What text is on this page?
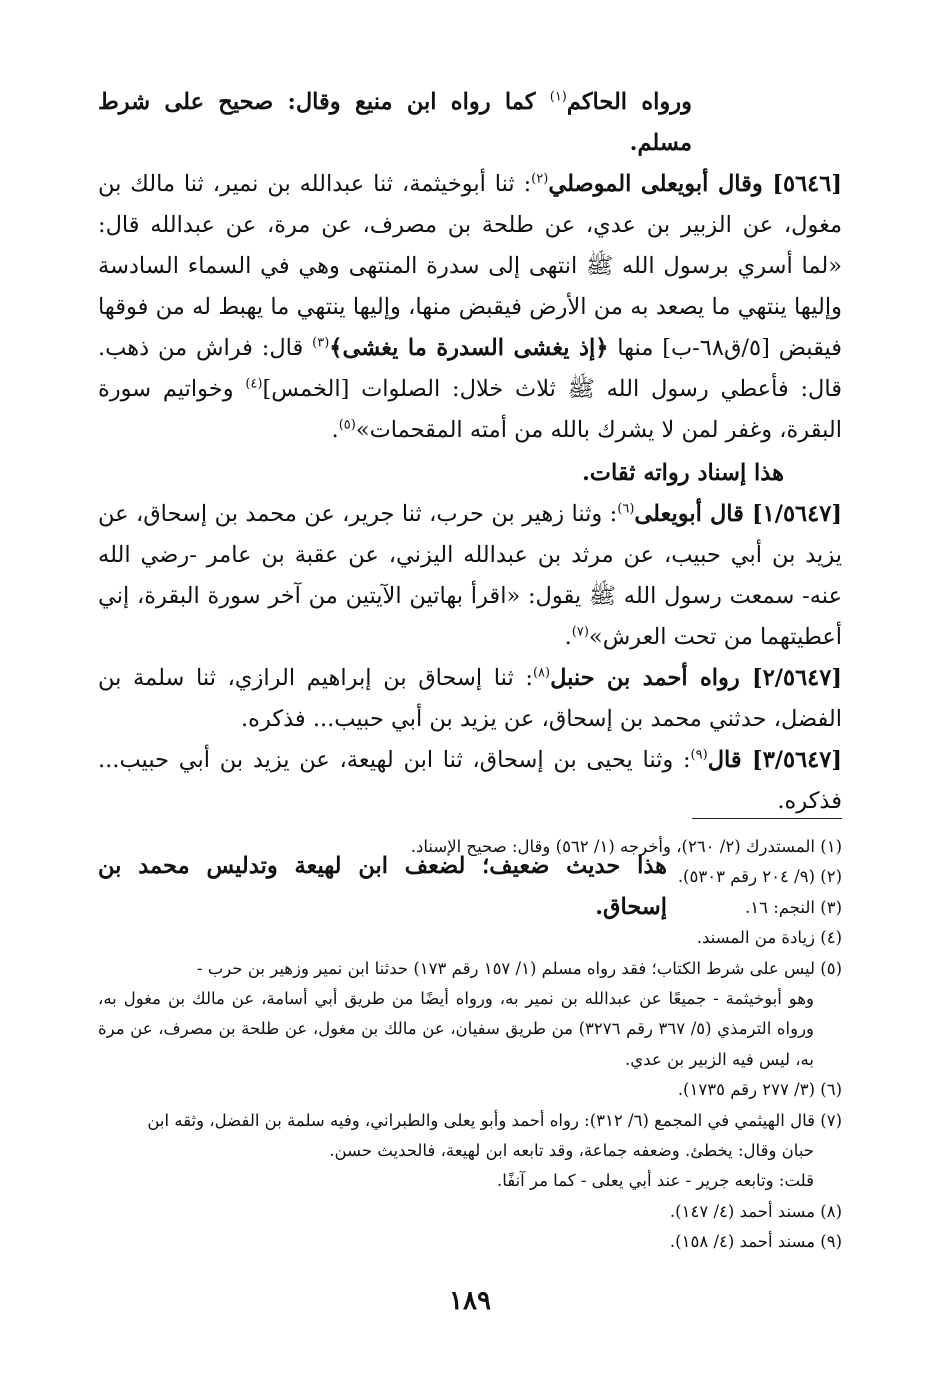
ورواه الحاكم$^{(١)}$ كما رواه ابن منيع وقال: صحيح على شرط مسلم.

[٥٦٤٦] وقال أبويعلى الموصلي$^{(٢)}$: ثنا أبوخيثمة، ثنا عبدالله بن نمير، ثنا مالك بن مغول، عن الزبير بن عدي، عن طلحة بن مصرف، عن مرة، عن عبدالله قال: «لما أسري برسول الله ﷺ انتهى إلى سدرة المنتهى وهي في السماء السادسة وإليها ينتهي ما يصعد به من الأرض فيقبض منها، وإليها ينتهي ما يهبط له من فوقها فيقبض [٥/ق٦٨-ب] منها ﴿إذ يغشى السدرة ما يغشى﴾$^{(٣)}$ قال: فراش من ذهب. قال: فأعطي رسول الله ﷺ ثلاث خلال: الصلوات [الخمس]$^{(٤)}$ وخواتيم سورة البقرة، وغفر لمن لا يشرك بالله من أمته المقحمات»$^{(٥)}$.

هذا إسناد رواته ثقات.

[١/٥٦٤٧] قال أبويعلى$^{(٦)}$: وثنا زهير بن حرب، ثنا جرير، عن محمد بن إسحاق، عن يزيد بن أبي حبيب، عن مرثد بن عبدالله اليزني، عن عقبة بن عامر -رضي الله عنه- سمعت رسول الله ﷺ يقول: «اقرأ بهاتين الآيتين من آخر سورة البقرة، إني أعطيتهما من تحت العرش»$^{(٧)}$.

[٢/٥٦٤٧] رواه أحمد بن حنبل$^{(٨)}$: ثنا إسحاق بن إبراهيم الرازي، ثنا سلمة بن الفضل، حدثني محمد بن إسحاق، عن يزيد بن أبي حبيب... فذكره.

[٣/٥٦٤٧] قال$^{(٩)}$: وثنا يحيى بن إسحاق، ثنا ابن لهيعة، عن يزيد بن أبي حبيب... فذكره.

هذا حديث ضعيف؛ لضعف ابن لهيعة وتدليس محمد بن إسحاق.

(١) المستدرك (٢/ ٢٦٠)، وأخرجه (١/ ٥٦٢) وقال: صحيح الإسناد.

(٢) (٩/ ٢٠٤ رقم ٥٣٠٣).

(٣) النجم: ١٦.

(٤) زيادة من المسند.

(٥) ليس على شرط الكتاب؛ فقد رواه مسلم (١/ ١٥٧ رقم ١٧٣) حدثنا ابن نمير وزهير بن حرب -

وهو أبوخيثمة - جميعًا عن عبدالله بن نمير به، ورواه أيضًا من طريق أبي أسامة، عن مالك بن مغول به، ورواه الترمذي (٥/ ٣٦٧ رقم ٣٢٧٦) من طريق سفيان، عن مالك بن مغول، عن طلحة بن مصرف، عن مرة به، ليس فيه الزبير بن عدي.

(٦) (٣/ ٢٧٧ رقم ١٧٣٥).

(٧) قال الهيثمي في المجمع (٦/ ٣١٢): رواه أحمد وأبو يعلى والطبراني، وفيه سلمة بن الفضل، وثقه ابن

حبان وقال: يخطئ. وضعفه جماعة، وقد تابعه ابن لهيعة، فالحديث حسن.

قلت: وتابعه جرير - عند أبي يعلى - كما مر آنفًا.

(٨) مسند أحمد (٤/ ١٤٧).

(٩) مسند أحمد (٤/ ١٥٨).

١٨٩
